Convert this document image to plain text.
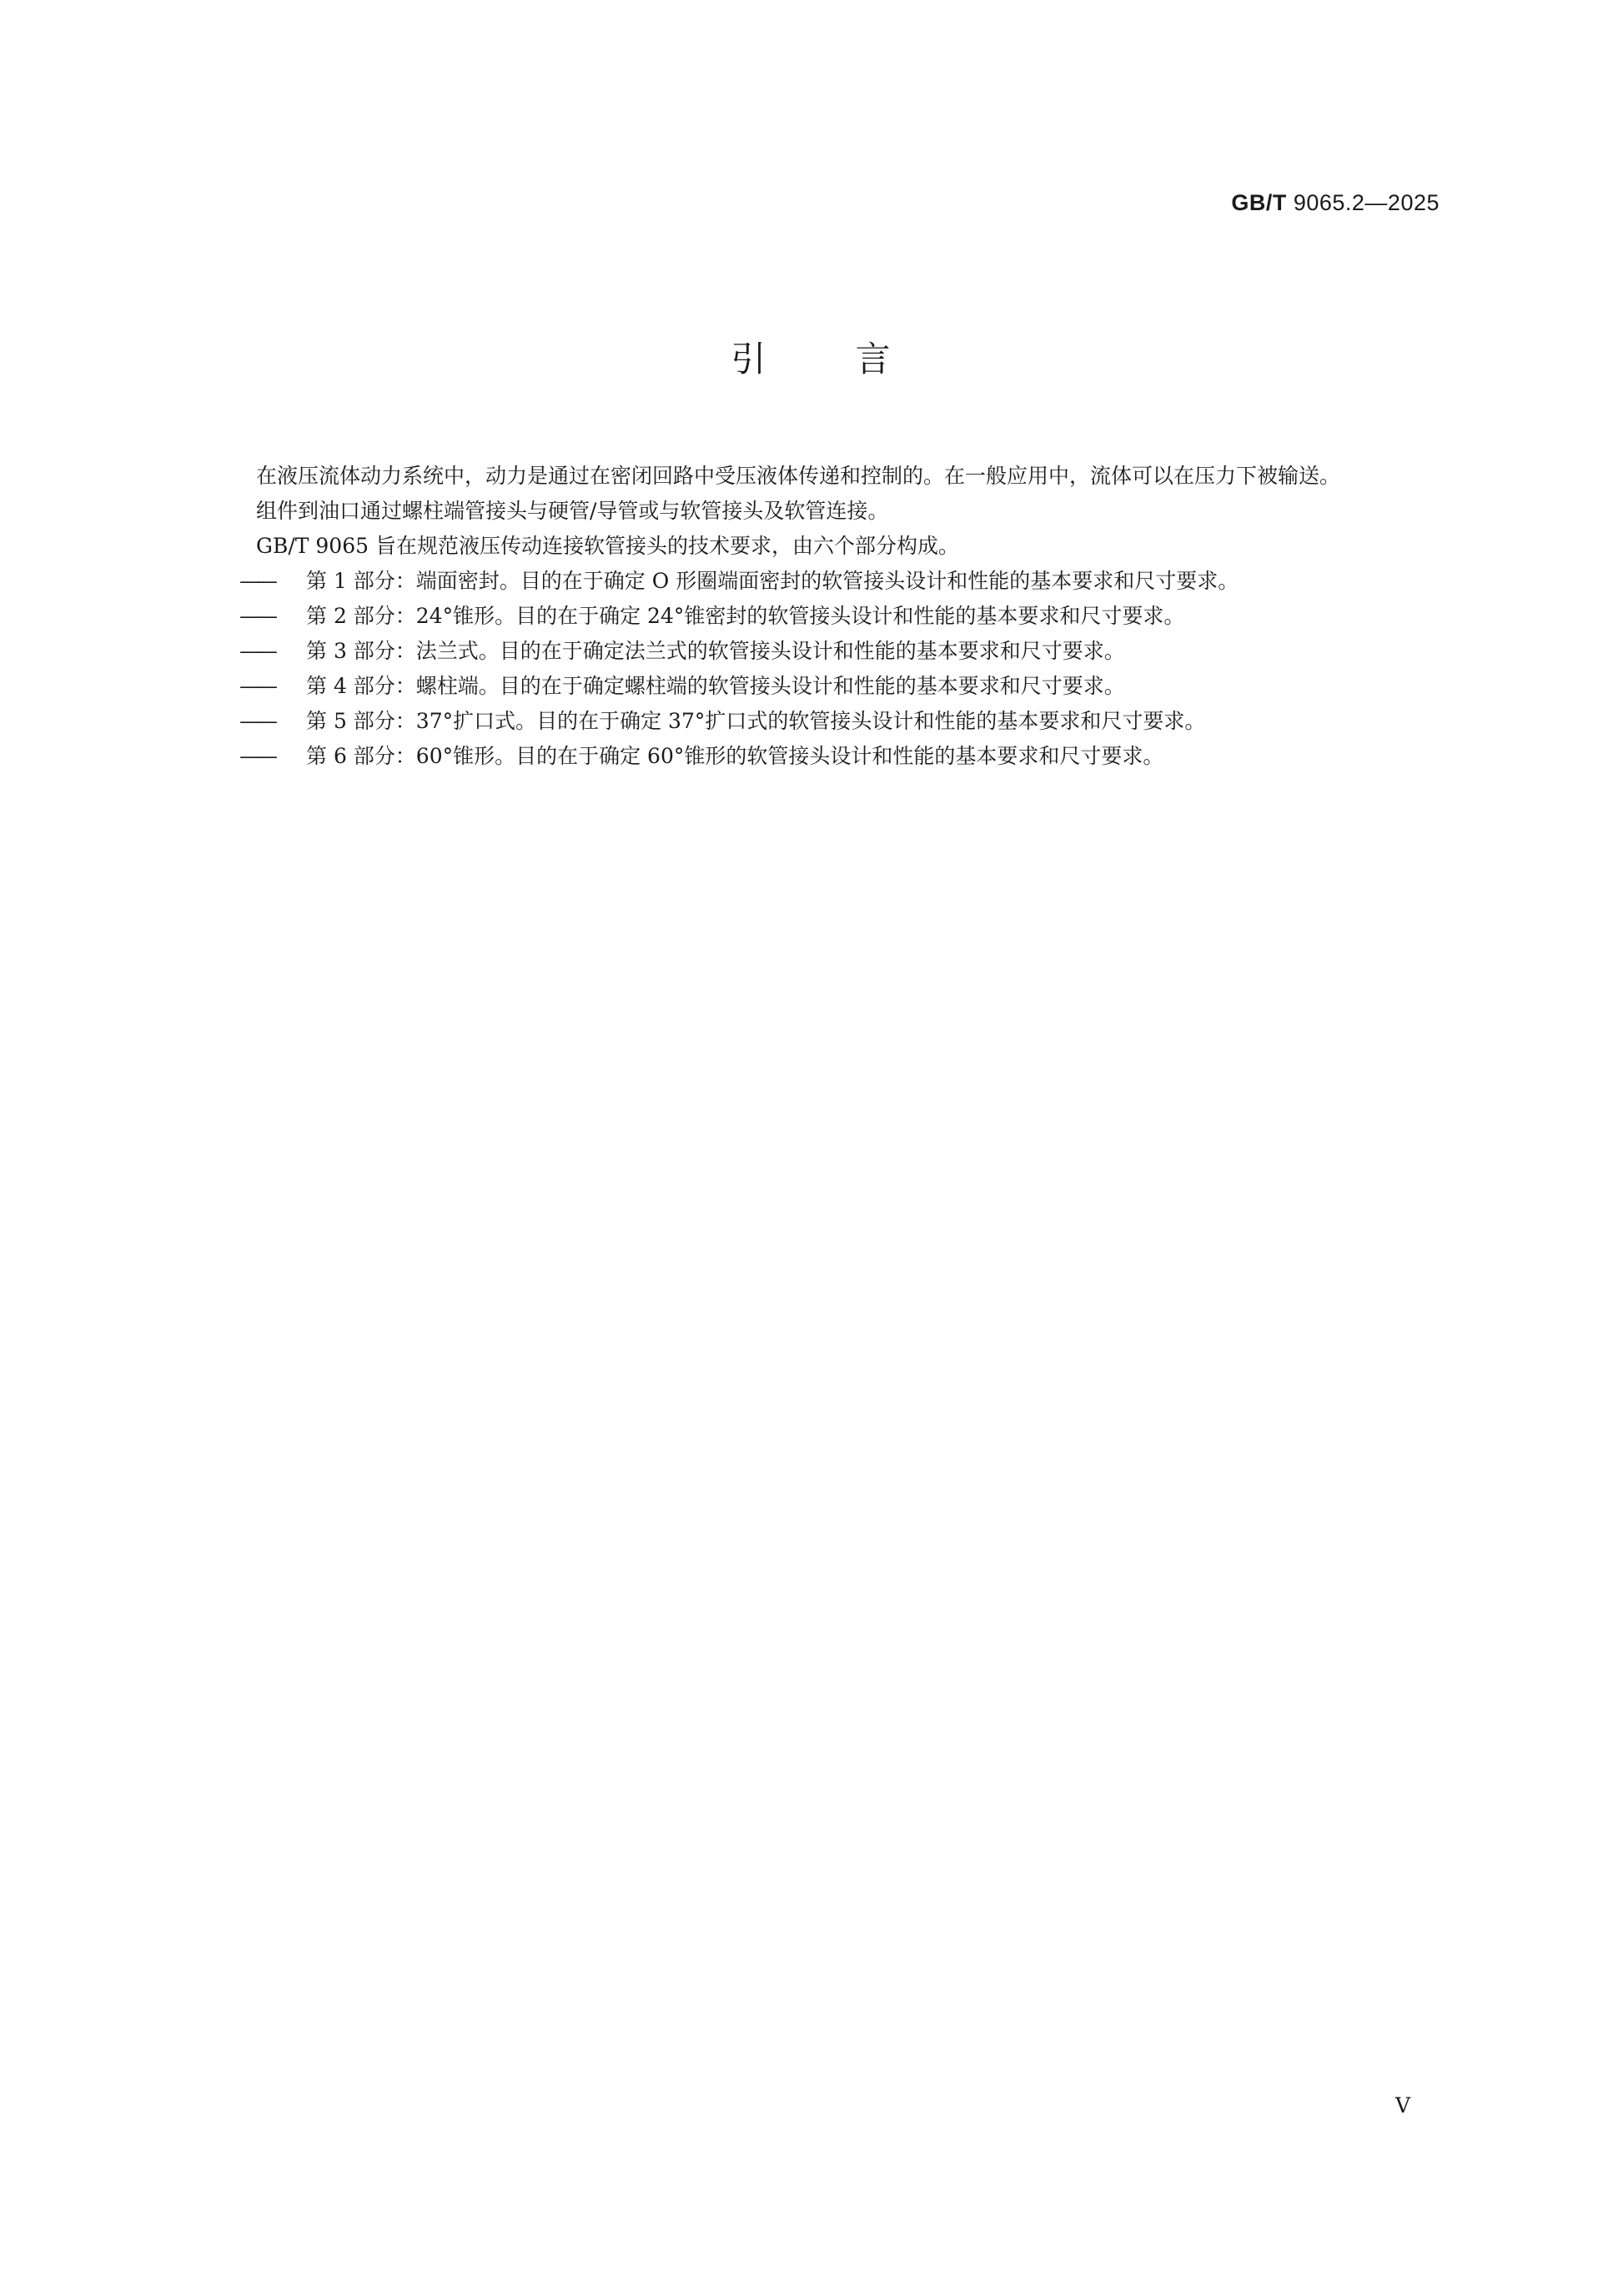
GB/T 9065.2—2025
引 言

在液压流体动力系统中，动力是通过在密闭回路中受压液体传递和控制的。在一般应用中，流体可以在压力下被输送。

组件到油口通过螺柱端管接头与硬管/导管或与软管接头及软管连接。

GB/T 9065 旨在规范液压传动连接软管接头的技术要求，由六个部分构成。

—— 第 1 部分：端面密封。目的在于确定 O 形圈端面密封的软管接头设计和性能的基本要求和尺寸要求。
—— 第 2 部分：24°锥形。目的在于确定 24°锥密封的软管接头设计和性能的基本要求和尺寸要求。
—— 第 3 部分：法兰式。目的在于确定法兰式的软管接头设计和性能的基本要求和尺寸要求。
—— 第 4 部分：螺柱端。目的在于确定螺柱端的软管接头设计和性能的基本要求和尺寸要求。
—— 第 5 部分：37°扩口式。目的在于确定 37°扩口式的软管接头设计和性能的基本要求和尺寸要求。
—— 第 6 部分：60°锥形。目的在于确定 60°锥形的软管接头设计和性能的基本要求和尺寸要求。
V
